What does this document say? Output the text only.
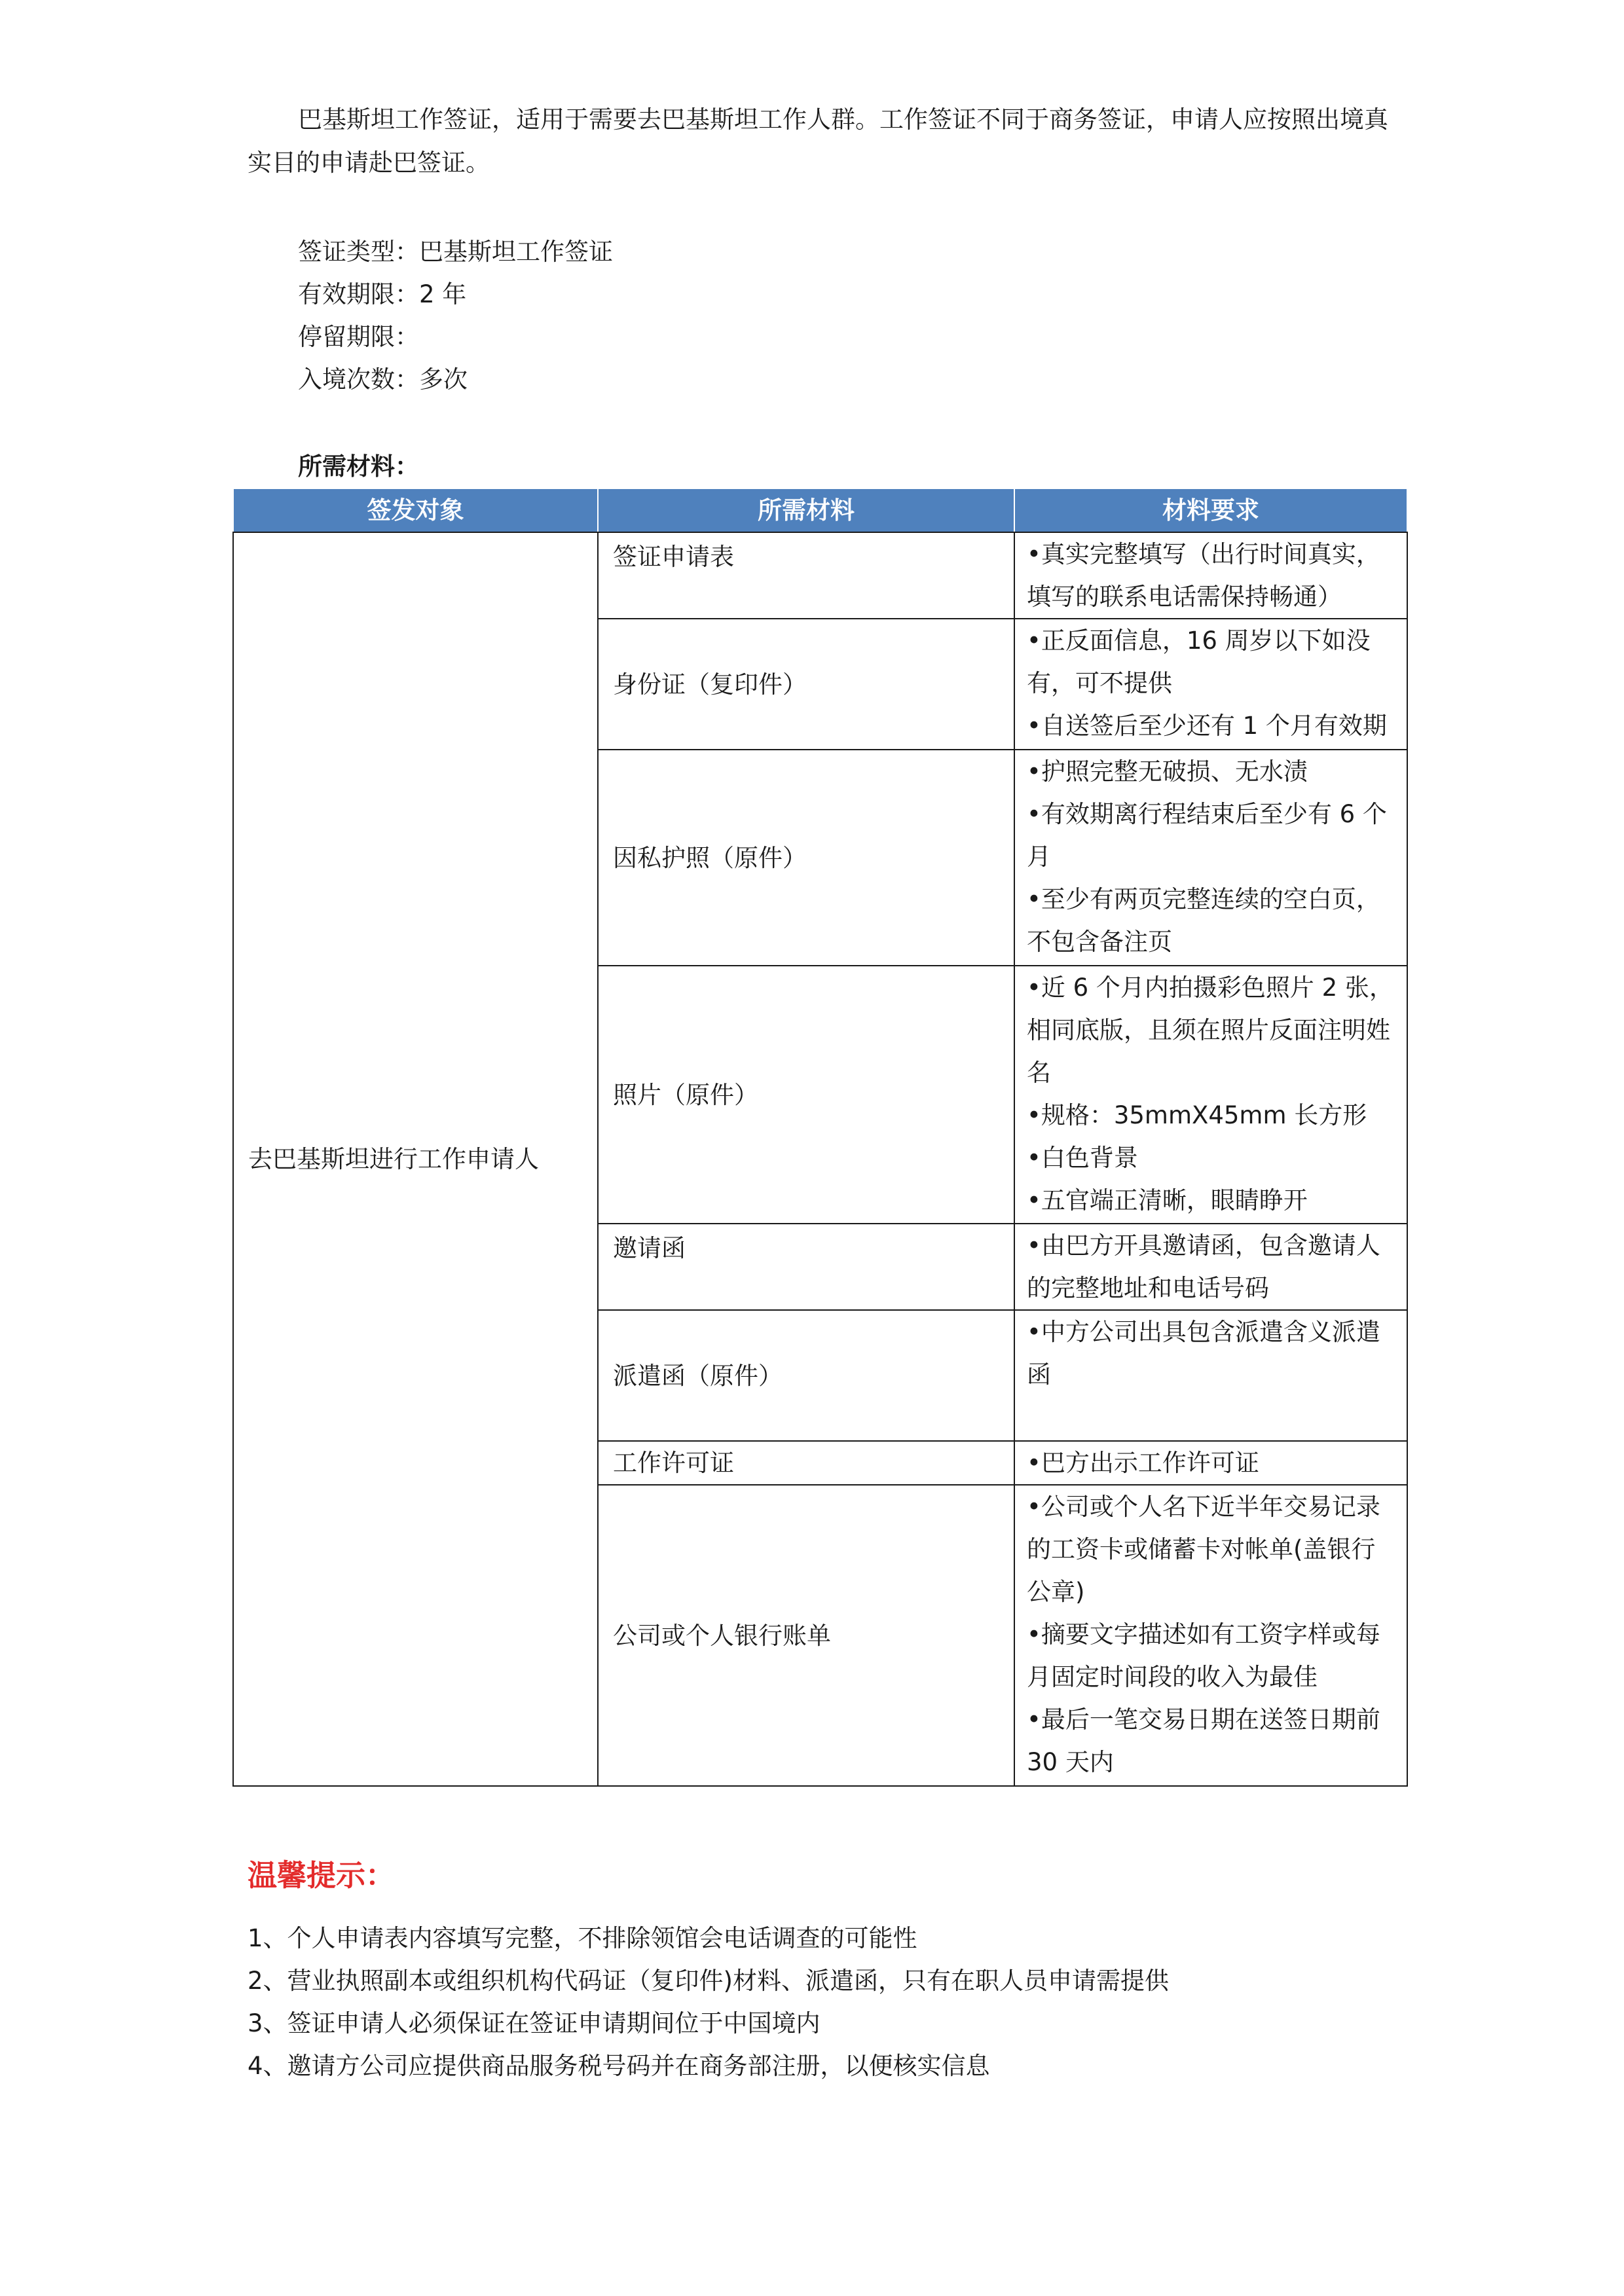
巴基斯坦工作签证，适用于需要去巴基斯坦工作人群。工作签证不同于商务签证，申请人应按照出境真实目的申请赴巴签证。

签证类型：巴基斯坦工作签证
有效期限：2 年
停留期限：
入境次数：多次

所需材料：

签发对象	所需材料	材料要求
去巴基斯坦进行工作申请人	签证申请表	•真实完整填写（出行时间真实，填写的联系电话需保持畅通）

	身份证（复印件）	•正反面信息，16 周岁以下如没有，可不提供
•自送签后至少还有 1 个月有效期

	因私护照（原件）	•护照完整无破损、无水渍
•有效期离行程结束后至少有 6 个月
•至少有两页完整连续的空白页，不包含备注页

	照片（原件）	•近 6 个月内拍摄彩色照片 2 张，相同底版，且须在照片反面注明姓名
•规格：35mmX45mm 长方形
•白色背景
•五官端正清晰，眼睛睁开

	邀请函	•由巴方开具邀请函，包含邀请人的完整地址和电话号码

	派遣函（原件）	•中方公司出具包含派遣含义派遣函

	工作许可证	•巴方出示工作许可证

	公司或个人银行账单	•公司或个人名下近半年交易记录的工资卡或储蓄卡对帐单(盖银行公章)
•摘要文字描述如有工资字样或每月固定时间段的收入为最佳
•最后一笔交易日期在送签日期前 30 天内

温馨提示：

1、个人申请表内容填写完整，不排除领馆会电话调查的可能性
2、营业执照副本或组织机构代码证（复印件)材料、派遣函，只有在职人员申请需提供
3、签证申请人必须保证在签证申请期间位于中国境内
4、邀请方公司应提供商品服务税号码并在商务部注册，以便核实信息
